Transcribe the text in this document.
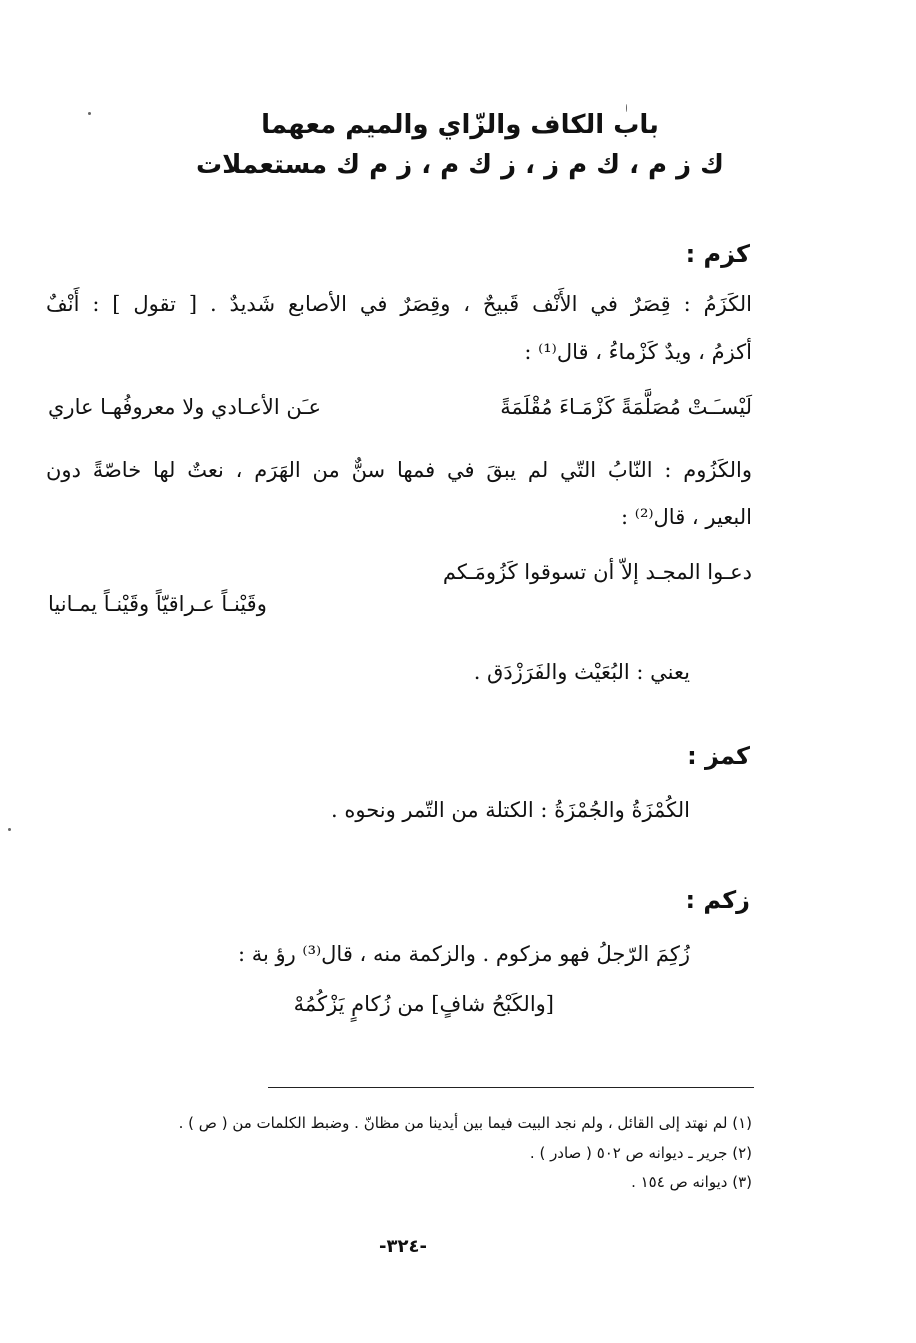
باب الكاف والزّاي والميم معهما
ك ز م ، ك م ز ، ز ك م ، ز م ك مستعملات
كزم :
الكَزَمُ : قِصَرٌ في الأَنْف قَبيحٌ ، وقِصَرٌ في الأصابع شَديدٌ . [ تقول ] : أَنْفٌ
أكزمُ ، ويدٌ كَزْماءُ ، قال⁽¹⁾ :
لَيْسـَـتْ مُصَلَّمَةً كَزْمَـاءَ مُقْلَمَةً
عـَن الأعـادي ولا معروفُهـا عاري
والكَزُوم : النّابُ التّي لم يبقَ في فمها سنٌّ من الهَرَم ، نعتٌ لها خاصّةً دون
البعير ، قال⁽²⁾ :
دعـوا المجـد إلاّ أن تسوقوا كَزُومَـكم
وقَيْنـاً عـراقيّاً وقَيْنـاً يمـانيا
يعني : البُعَيْث والفَرَزْدَق .
كمز :
الكُمْزَةُ والجُمْزَةُ : الكتلة من التّمر ونحوه .
زكم :
زُكِمَ الرّجلُ فهو مزكوم . والزكمة منه ، قال⁽³⁾ رؤ بة :
[والكَبْحُ شافٍ] من زُكامٍ يَزْكُمُهْ
(١) لم نهتد إلى القائل ، ولم نجد البيت فيما بين أيدينا من مظانّ . وضبط الكلمات من ( ص ) .
(٢) جرير ـ ديوانه ص ٥٠٢ ( صادر ) .
(٣) ديوانه ص ١٥٤ .
-٣٢٤-
